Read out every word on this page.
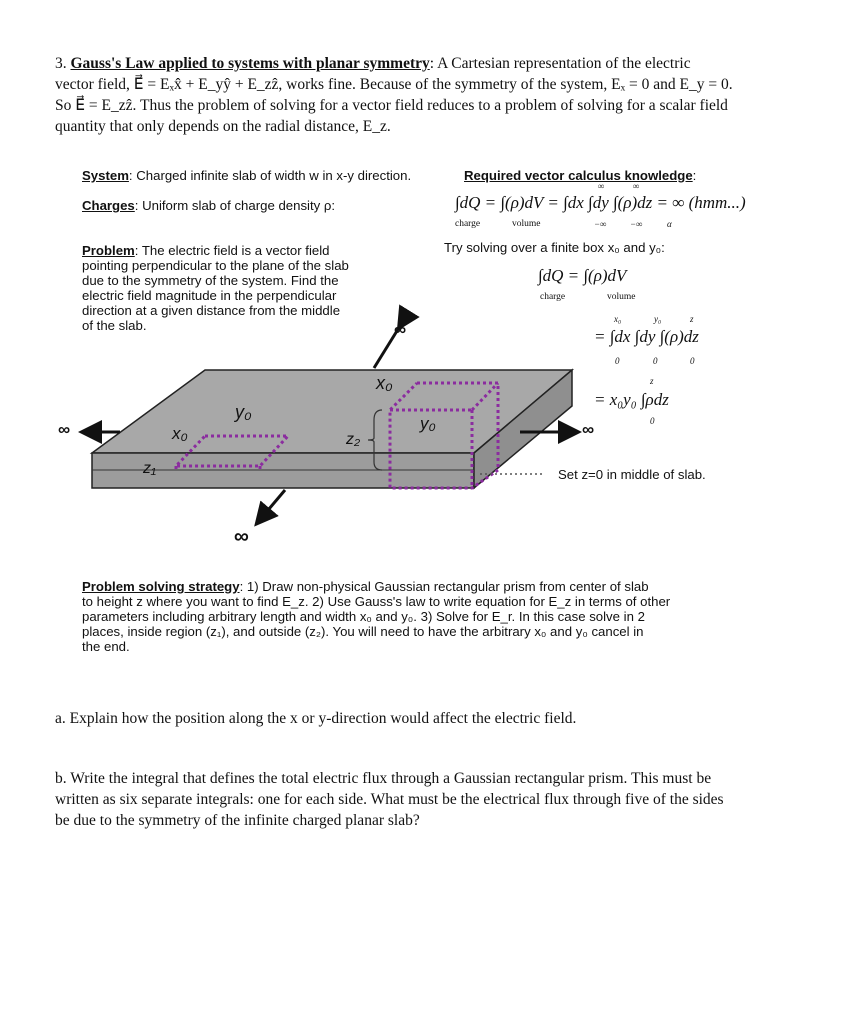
3. Gauss's Law applied to systems with planar symmetry: A Cartesian representation of the electric
vector field, E⃗ = Eₓx̂ + E_yŷ + E_zẑ, works fine. Because of the symmetry of the system, Eₓ = 0 and E_y = 0.
So E⃗ = E_zẑ. Thus the problem of solving for a vector field reduces to a problem of solving for a scalar field
quantity that only depends on the radial distance, E_z.
System: Charged infinite slab of width w in x-y direction.
Charges: Uniform slab of charge density ρ:
Required vector calculus knowledge:
∞	∞
∫dQ = ∫(ρ)dV = ∫dx ∫dy ∫(ρ)dz = ∞ (hmm...)
charge	volume	−∞	−∞	α
Try solving over a finite box x₀ and y₀:
∫dQ = ∫(ρ)dV
charge	volume
x₀	y₀	z
= ∫dx ∫dy ∫(ρ)dz
0	0	0
z
= x₀y₀ ∫ρdz
0
Problem: The electric field is a vector field
pointing perpendicular to the plane of the slab
due to the symmetry of the system. Find the
electric field magnitude in the perpendicular
direction at a given distance from the middle
of the slab.	∞
∞	∞
∞
x₀
y₀
x₀
y₀
z₁
z₂
Set z=0 in middle of slab.
Problem solving strategy: 1) Draw non-physical Gaussian rectangular prism from center of slab
to height z where you want to find E_z. 2) Use Gauss's law to write equation for E_z in terms of other
parameters including arbitrary length and width x₀ and y₀. 3) Solve for E_r. In this case solve in 2
places, inside region (z₁), and outside (z₂). You will need to have the arbitrary x₀ and y₀ cancel in
the end.
a. Explain how the position along the x or y-direction would affect the electric field.
b. Write the integral that defines the total electric flux through a Gaussian rectangular prism. This must be
written as six separate integrals: one for each side. What must be the electrical flux through five of the sides
be due to the symmetry of the infinite charged planar slab?
